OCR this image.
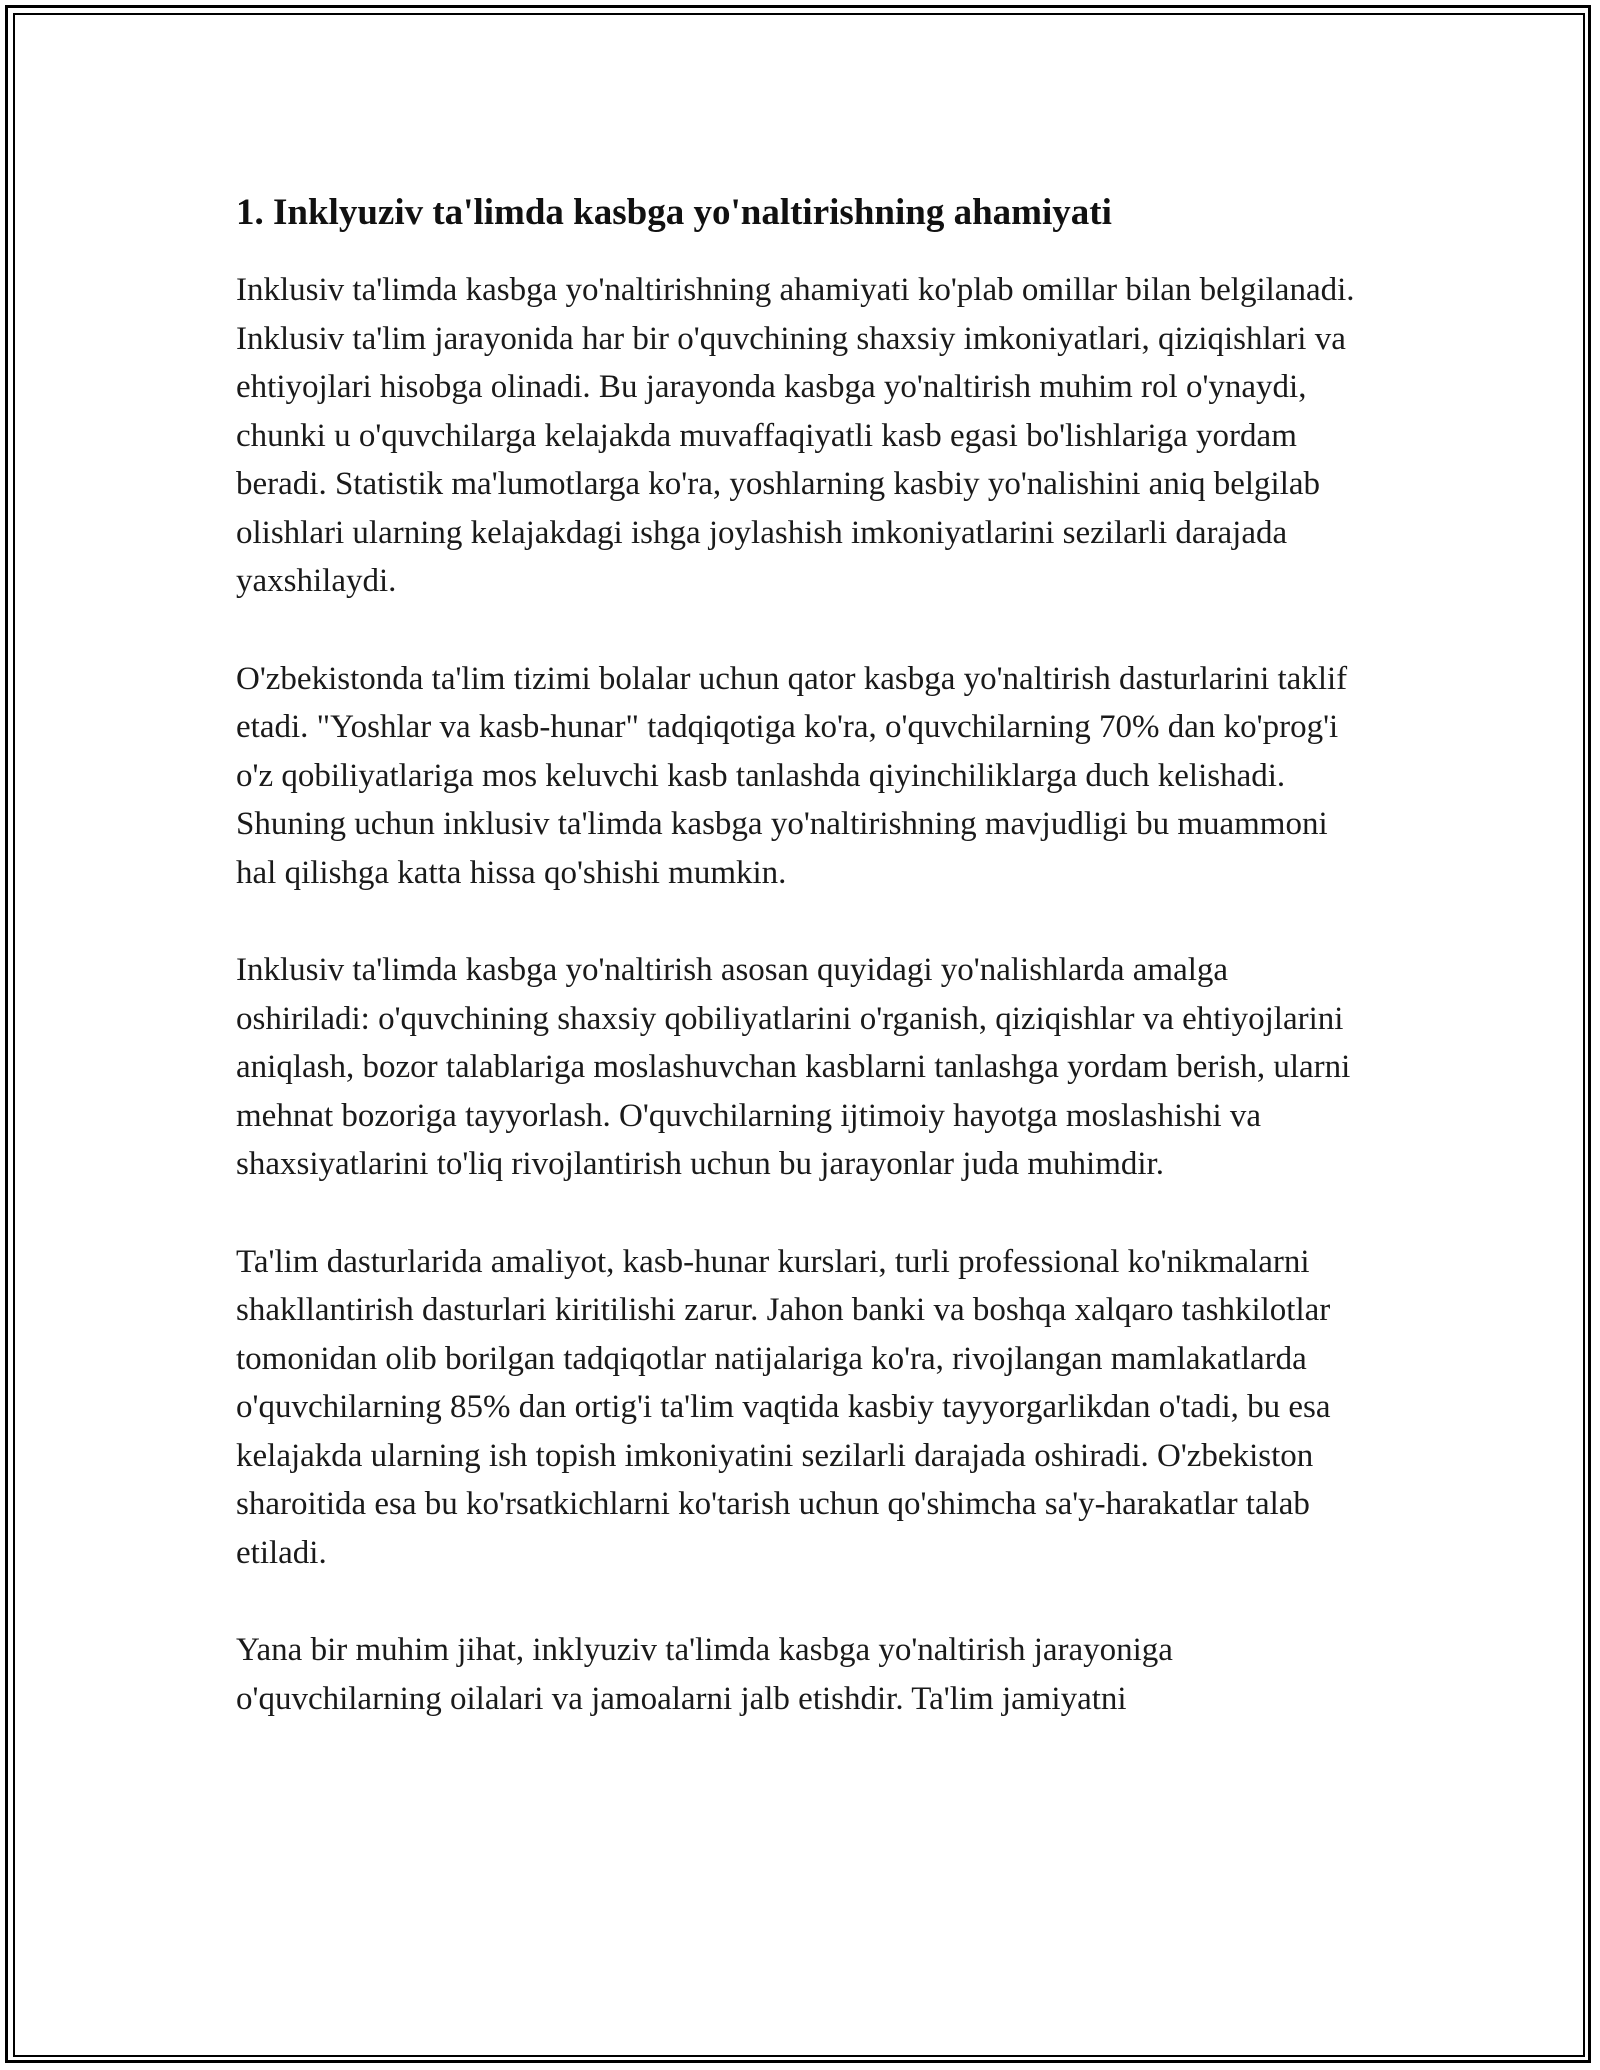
1. Inklyuziv ta'limda kasbga yo'naltirishning ahamiyati

Inklusiv ta'limda kasbga yo'naltirishning ahamiyati ko'plab omillar bilan belgilanadi. Inklusiv ta'lim jarayonida har bir o'quvchining shaxsiy imkoniyatlari, qiziqishlari va ehtiyojlari hisobga olinadi. Bu jarayonda kasbga yo'naltirish muhim rol o'ynaydi, chunki u o'quvchilarga kelajakda muvaffaqiyatli kasb egasi bo'lishlariga yordam beradi. Statistik ma'lumotlarga ko'ra, yoshlarning kasbiy yo'nalishini aniq belgilab olishlari ularning kelajakdagi ishga joylashish imkoniyatlarini sezilarli darajada yaxshilaydi.

O'zbekistonda ta'lim tizimi bolalar uchun qator kasbga yo'naltirish dasturlarini taklif etadi. "Yoshlar va kasb-hunar" tadqiqotiga ko'ra, o'quvchilarning 70% dan ko'prog'i o'z qobiliyatlariga mos keluvchi kasb tanlashda qiyinchiliklarga duch kelishadi. Shuning uchun inklusiv ta'limda kasbga yo'naltirishning mavjudligi bu muammoni hal qilishga katta hissa qo'shishi mumkin.

Inklusiv ta'limda kasbga yo'naltirish asosan quyidagi yo'nalishlarda amalga oshiriladi: o'quvchining shaxsiy qobiliyatlarini o'rganish, qiziqishlar va ehtiyojlarini aniqlash, bozor talablariga moslashuvchan kasblarni tanlashga yordam berish, ularni mehnat bozoriga tayyorlash. O'quvchilarning ijtimoiy hayotga moslashishi va shaxsiyatlarini to'liq rivojlantirish uchun bu jarayonlar juda muhimdir.

Ta'lim dasturlarida amaliyot, kasb-hunar kurslari, turli professional ko'nikmalarni shakllantirish dasturlari kiritilishi zarur. Jahon banki va boshqa xalqaro tashkilotlar tomonidan olib borilgan tadqiqotlar natijalariga ko'ra, rivojlangan mamlakatlarda o'quvchilarning 85% dan ortig'i ta'lim vaqtida kasbiy tayyorgarlikdan o'tadi, bu esa kelajakda ularning ish topish imkoniyatini sezilarli darajada oshiradi. O'zbekiston sharoitida esa bu ko'rsatkichlarni ko'tarish uchun qo'shimcha sa'y-harakatlar talab etiladi.

Yana bir muhim jihat, inklyuziv ta'limda kasbga yo'naltirish jarayoniga o'quvchilarning oilalari va jamoalarni jalb etishdir. Ta'lim jamiyatni
